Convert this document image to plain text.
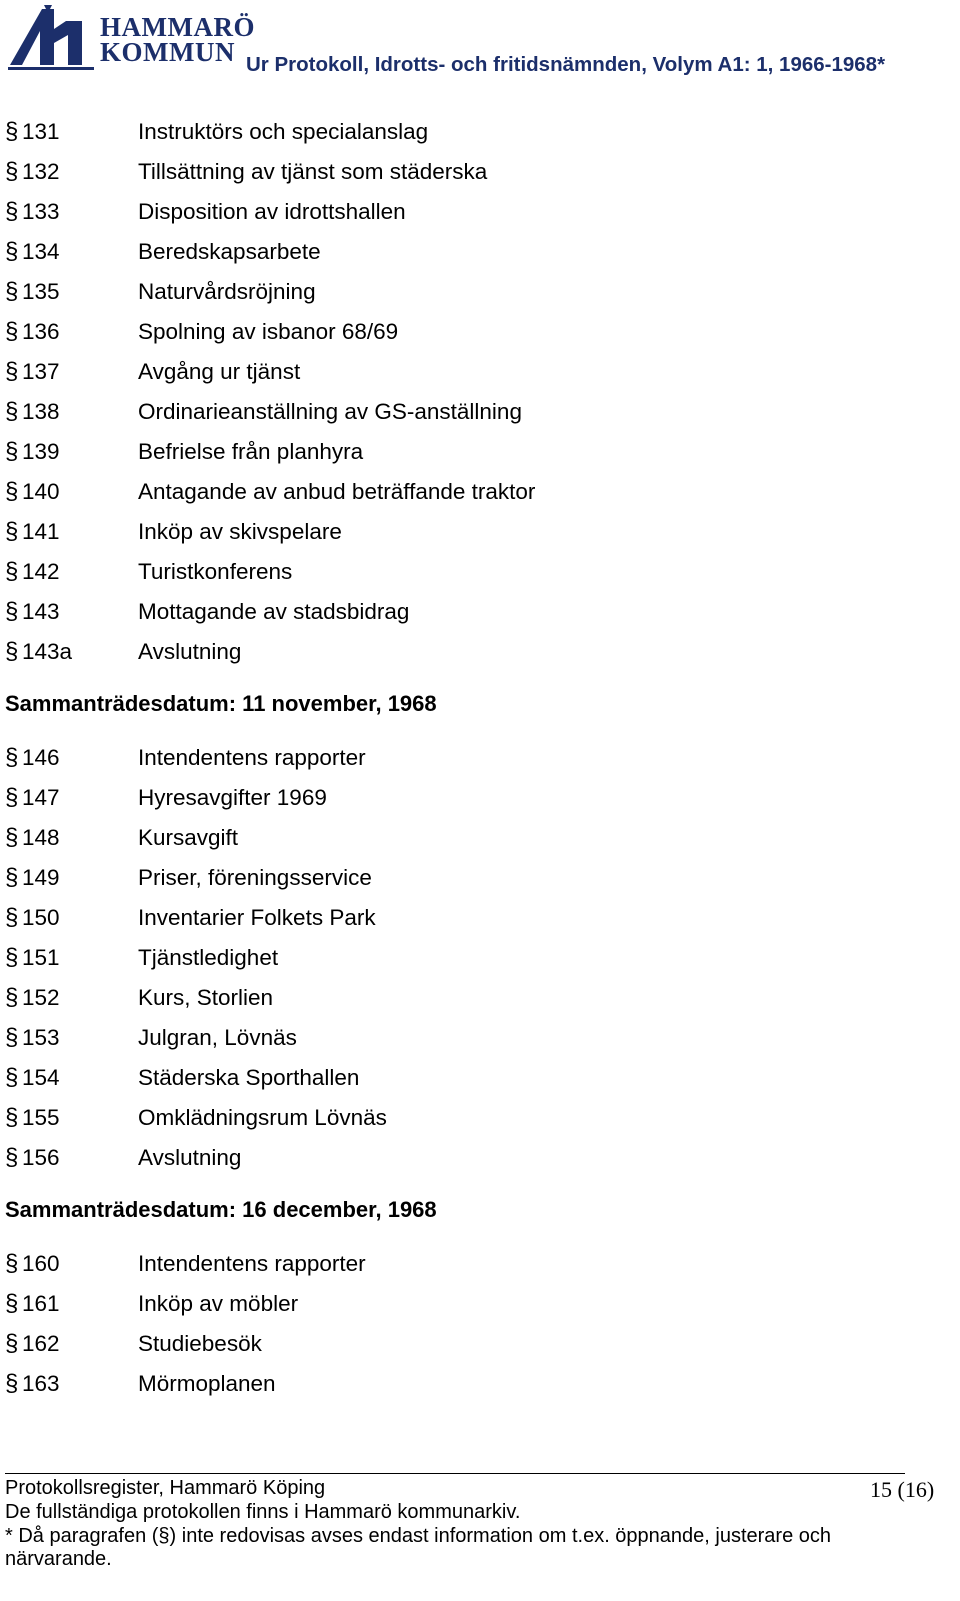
HAMMARÖ
KOMMUN Ur Protokoll, Idrotts- och fritidsnämnden, Volym A1: 1, 1966-1968*
§ 131	Instruktörs och specialanslag
§ 132	Tillsättning av tjänst som städerska
§ 133	Disposition av idrottshallen
§ 134	Beredskapsarbete
§ 135	Naturvårdsröjning
§ 136	Spolning av isbanor 68/69
§ 137	Avgång ur tjänst
§ 138	Ordinarieanställning av GS-anställning
§ 139	Befrielse från planhyra
§ 140	Antagande av anbud beträffande traktor
§ 141	Inköp av skivspelare
§ 142	Turistkonferens
§ 143	Mottagande av stadsbidrag
§ 143a	Avslutning
Sammanträdesdatum: 11 november, 1968
§ 146	Intendentens rapporter
§ 147	Hyresavgifter 1969
§ 148	Kursavgift
§ 149	Priser, föreningsservice
§ 150	Inventarier Folkets Park
§ 151	Tjänstledighet
§ 152	Kurs, Storlien
§ 153	Julgran, Lövnäs
§ 154	Städerska Sporthallen
§ 155	Omklädningsrum Lövnäs
§ 156	Avslutning
Sammanträdesdatum: 16 december, 1968
§ 160	Intendentens rapporter
§ 161	Inköp av möbler
§ 162	Studiebesök
§ 163	Mörmoplanen
Protokollsregister, Hammarö Köping	15 (16)
De fullständiga protokollen finns i Hammarö kommunarkiv.
* Då paragrafen (§) inte redovisas avses endast information om t.ex. öppnande, justerare och
närvarande.
